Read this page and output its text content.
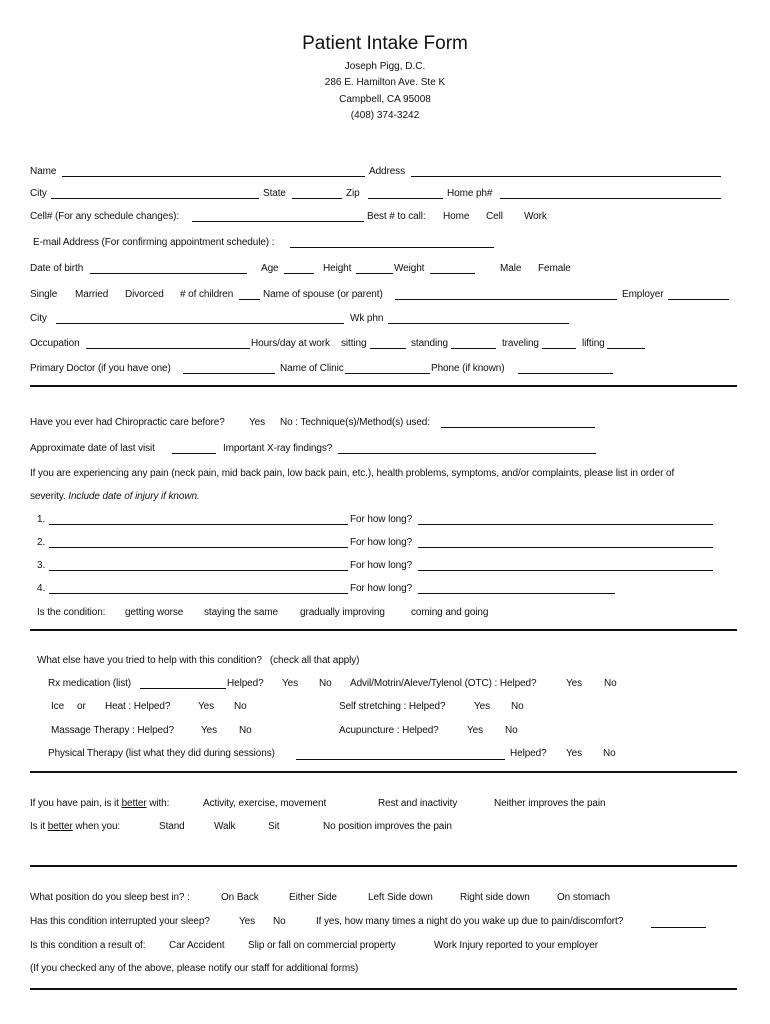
Patient Intake Form
Joseph Pigg, D.C.
286 E. Hamilton Ave. Ste K
Campbell, CA 95008
(408) 374-3242
Name	Address
City	State	Zip	Home ph#
Cell# (For any schedule changes):	Best # to call: Home Cell Work
E-mail Address (For confirming appointment schedule) :
Date of birth	Age	Height	Weight	Male Female
Single Married Divorced # of children	Name of spouse (or parent)	Employer
City	Wk phn
Occupation	Hours/day at work sitting	standing	traveling	lifting
Primary Doctor (if you have one)	Name of Clinic	Phone (if known)
Have you ever had Chiropractic care before? Yes No : Technique(s)/Method(s) used:
Approximate date of last visit	Important X-ray findings?
If you are experiencing any pain (neck pain, mid back pain, low back pain, etc.), health problems, symptoms, and/or complaints, please list in order of
severity. Include date of injury if known.
1.	For how long?
2.	For how long?
3.	For how long?
4.	For how long?
Is the condition: getting worse staying the same gradually improving	coming and going
What else have you tried to help with this condition? (check all that apply)
Rx medication (list)	Helped? Yes No Advil/Motrin/Aleve/Tylenol (OTC) : Helped?	Yes No
Ice or Heat : Helped?	Yes No	Self stretching : Helped?	Yes No
Massage Therapy : Helped?	Yes No	Acupuncture : Helped?	Yes No
Physical Therapy (list what they did during sessions)	Helped? Yes No
If you have pain, is it better with:	Activity, exercise, movement	Rest and inactivity	Neither improves the pain
Is it better when you:	Stand	Walk	Sit	No position improves the pain
What position do you sleep best in? :	On Back	Either Side	Left Side down	Right side down	On stomach
Has this condition interrupted your sleep?	Yes No	If yes, how many times a night do you wake up due to pain/discomfort?
Is this condition a result of: Car Accident Slip or fall on commercial property	Work Injury reported to your employer
(If you checked any of the above, please notify our staff for additional forms)
